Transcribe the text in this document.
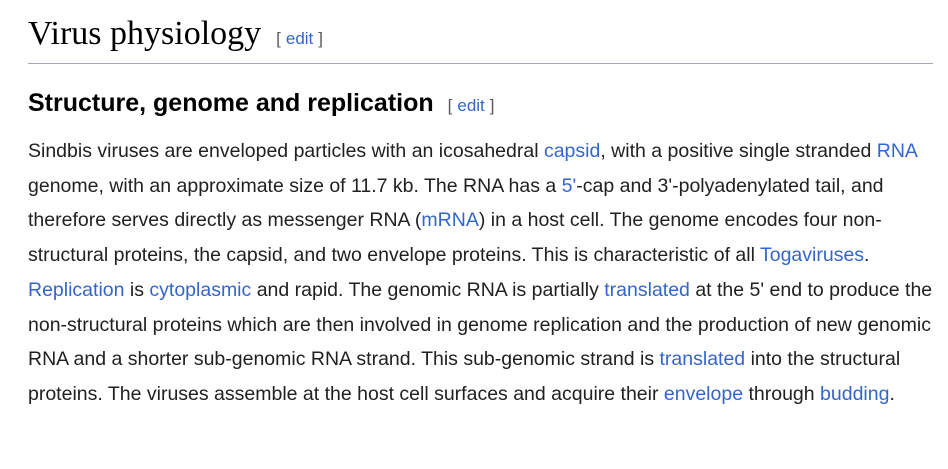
Virus physiology [ edit ]
Structure, genome and replication [ edit ]

Sindbis viruses are enveloped particles with an icosahedral capsid, with a positive single stranded RNA genome, with an approximate size of 11.7 kb. The RNA has a 5'-cap and 3'-polyadenylated tail, and therefore serves directly as messenger RNA (mRNA) in a host cell. The genome encodes four non-structural proteins, the capsid, and two envelope proteins. This is characteristic of all Togaviruses. Replication is cytoplasmic and rapid. The genomic RNA is partially translated at the 5' end to produce the non-structural proteins which are then involved in genome replication and the production of new genomic RNA and a shorter sub-genomic RNA strand. This sub-genomic strand is translated into the structural proteins. The viruses assemble at the host cell surfaces and acquire their envelope through budding.
